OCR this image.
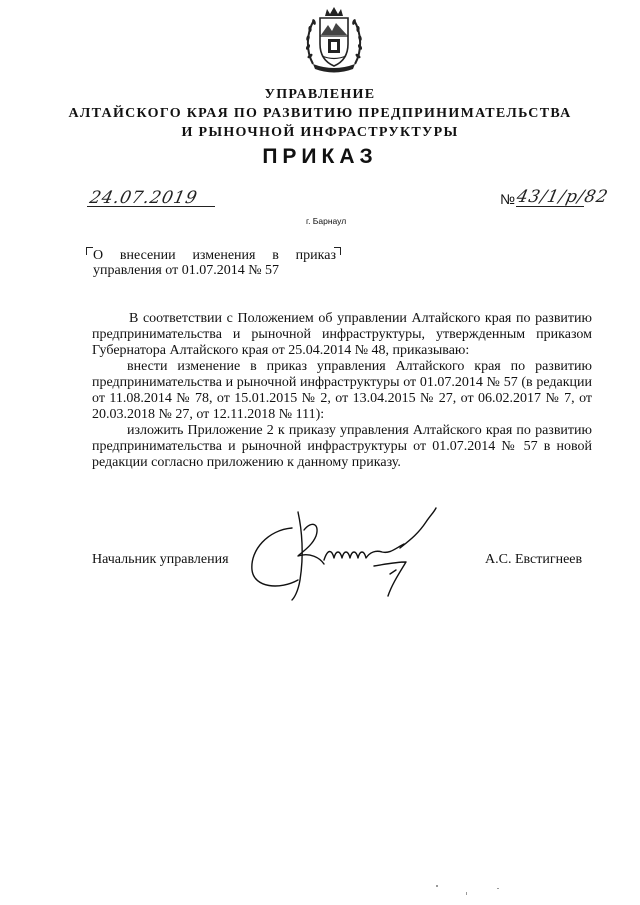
УПРАВЛЕНИЕ
АЛТАЙСКОГО КРАЯ ПО РАЗВИТИЮ ПРЕДПРИНИМАТЕЛЬСТВА
И РЫНОЧНОЙ ИНФРАСТРУКТУРЫ
ПРИКАЗ
24.07.2019	№ 43/1/р/82
г. Барнаул
О внесении изменения в приказ
управления от 01.07.2014 № 57

В соответствии с Положением об управлении Алтайского края по развитию предпринимательства и рыночной инфраструктуры, утвержденным приказом Губернатора Алтайского края от 25.04.2014 № 48, приказываю:

внести изменение в приказ управления Алтайского края по развитию предпринимательства и рыночной инфраструктуры от 01.07.2014 № 57 (в редакции от 11.08.2014 № 78, от 15.01.2015 № 2, от 13.04.2015 № 27, от 06.02.2017 № 7, от 20.03.2018 № 27, от 12.11.2018 № 111):

изложить Приложение 2 к приказу управления Алтайского края по развитию предпринимательства и рыночной инфраструктуры от 01.07.2014 № 57 в новой редакции согласно приложению к данному приказу.

Начальник управления	А.С. Евстигнеев
